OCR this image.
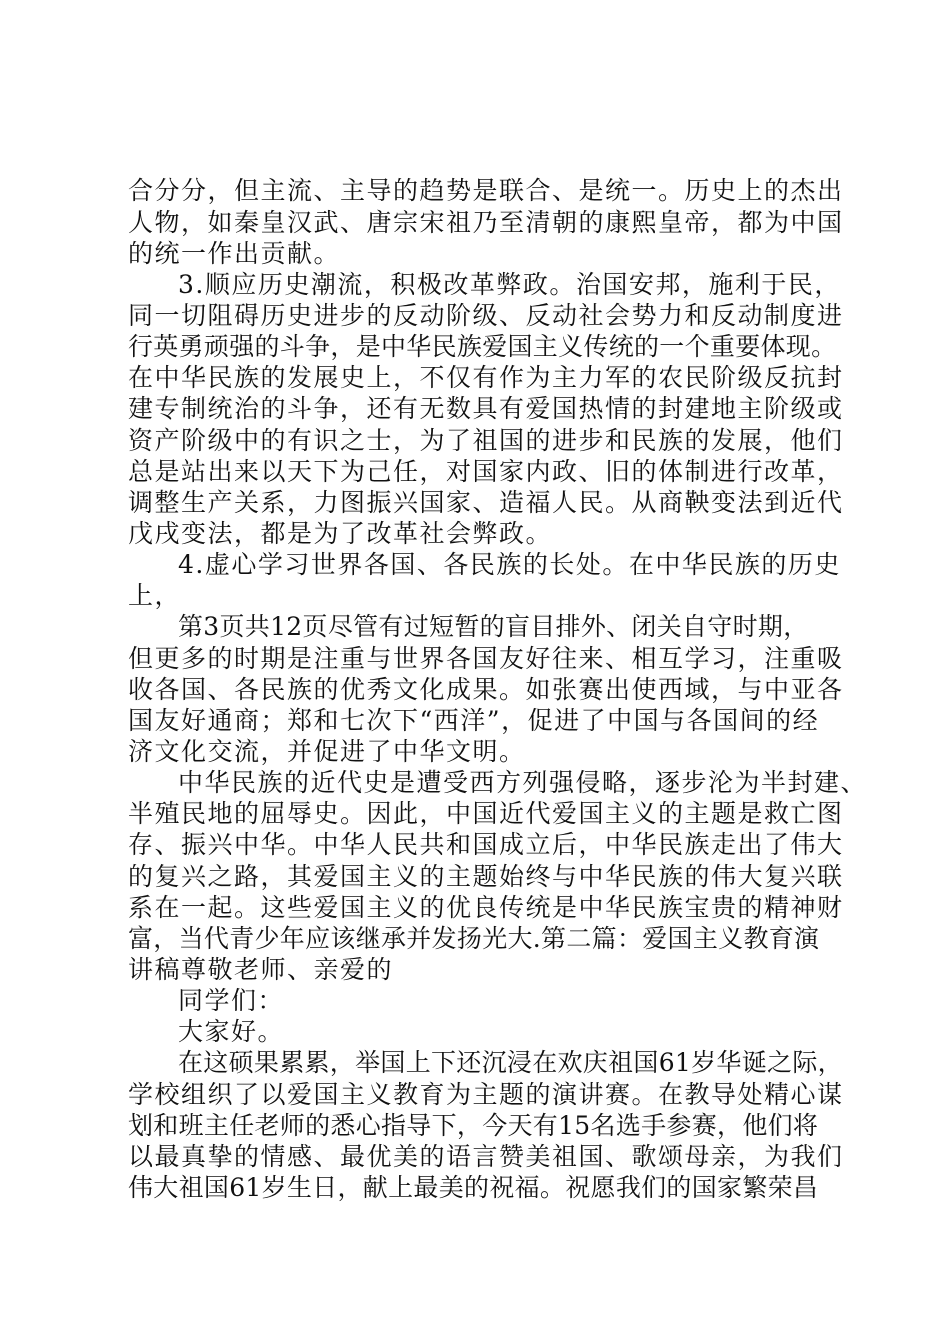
合分分，但主流、主导的趋势是联合、是统一。历史上的杰出
人物，如秦皇汉武、唐宗宋祖乃至清朝的康熙皇帝，都为中国
的统一作出贡献。
3.顺应历史潮流，积极改革弊政。治国安邦，施利于民，
同一切阻碍历史进步的反动阶级、反动社会势力和反动制度进
行英勇顽强的斗争，是中华民族爱国主义传统的一个重要体现。
在中华民族的发展史上，不仅有作为主力军的农民阶级反抗封
建专制统治的斗争，还有无数具有爱国热情的封建地主阶级或
资产阶级中的有识之士，为了祖国的进步和民族的发展，他们
总是站出来以天下为己任，对国家内政、旧的体制进行改革，
调整生产关系，力图振兴国家、造福人民。从商鞅变法到近代
戊戌变法，都是为了改革社会弊政。
4.虚心学习世界各国、各民族的长处。在中华民族的历史
上，
第3页共12页尽管有过短暂的盲目排外、闭关自守时期，
但更多的时期是注重与世界各国友好往来、相互学习，注重吸
收各国、各民族的优秀文化成果。如张赛出使西域，与中亚各
国友好通商；郑和七次下“西洋”，促进了中国与各国间的经
济文化交流，并促进了中华文明。
中华民族的近代史是遭受西方列强侵略，逐步沦为半封建、
半殖民地的屈辱史。因此，中国近代爱国主义的主题是救亡图
存、振兴中华。中华人民共和国成立后，中华民族走出了伟大
的复兴之路，其爱国主义的主题始终与中华民族的伟大复兴联
系在一起。这些爱国主义的优良传统是中华民族宝贵的精神财
富，当代青少年应该继承并发扬光大.第二篇：爱国主义教育演
讲稿尊敬老师、亲爱的
同学们：
大家好。
在这硕果累累，举国上下还沉浸在欢庆祖国61岁华诞之际，
学校组织了以爱国主义教育为主题的演讲赛。在教导处精心谋
划和班主任老师的悉心指导下，今天有15名选手参赛，他们将
以最真挚的情感、最优美的语言赞美祖国、歌颂母亲，为我们
伟大祖国61岁生日，献上最美的祝福。祝愿我们的国家繁荣昌
